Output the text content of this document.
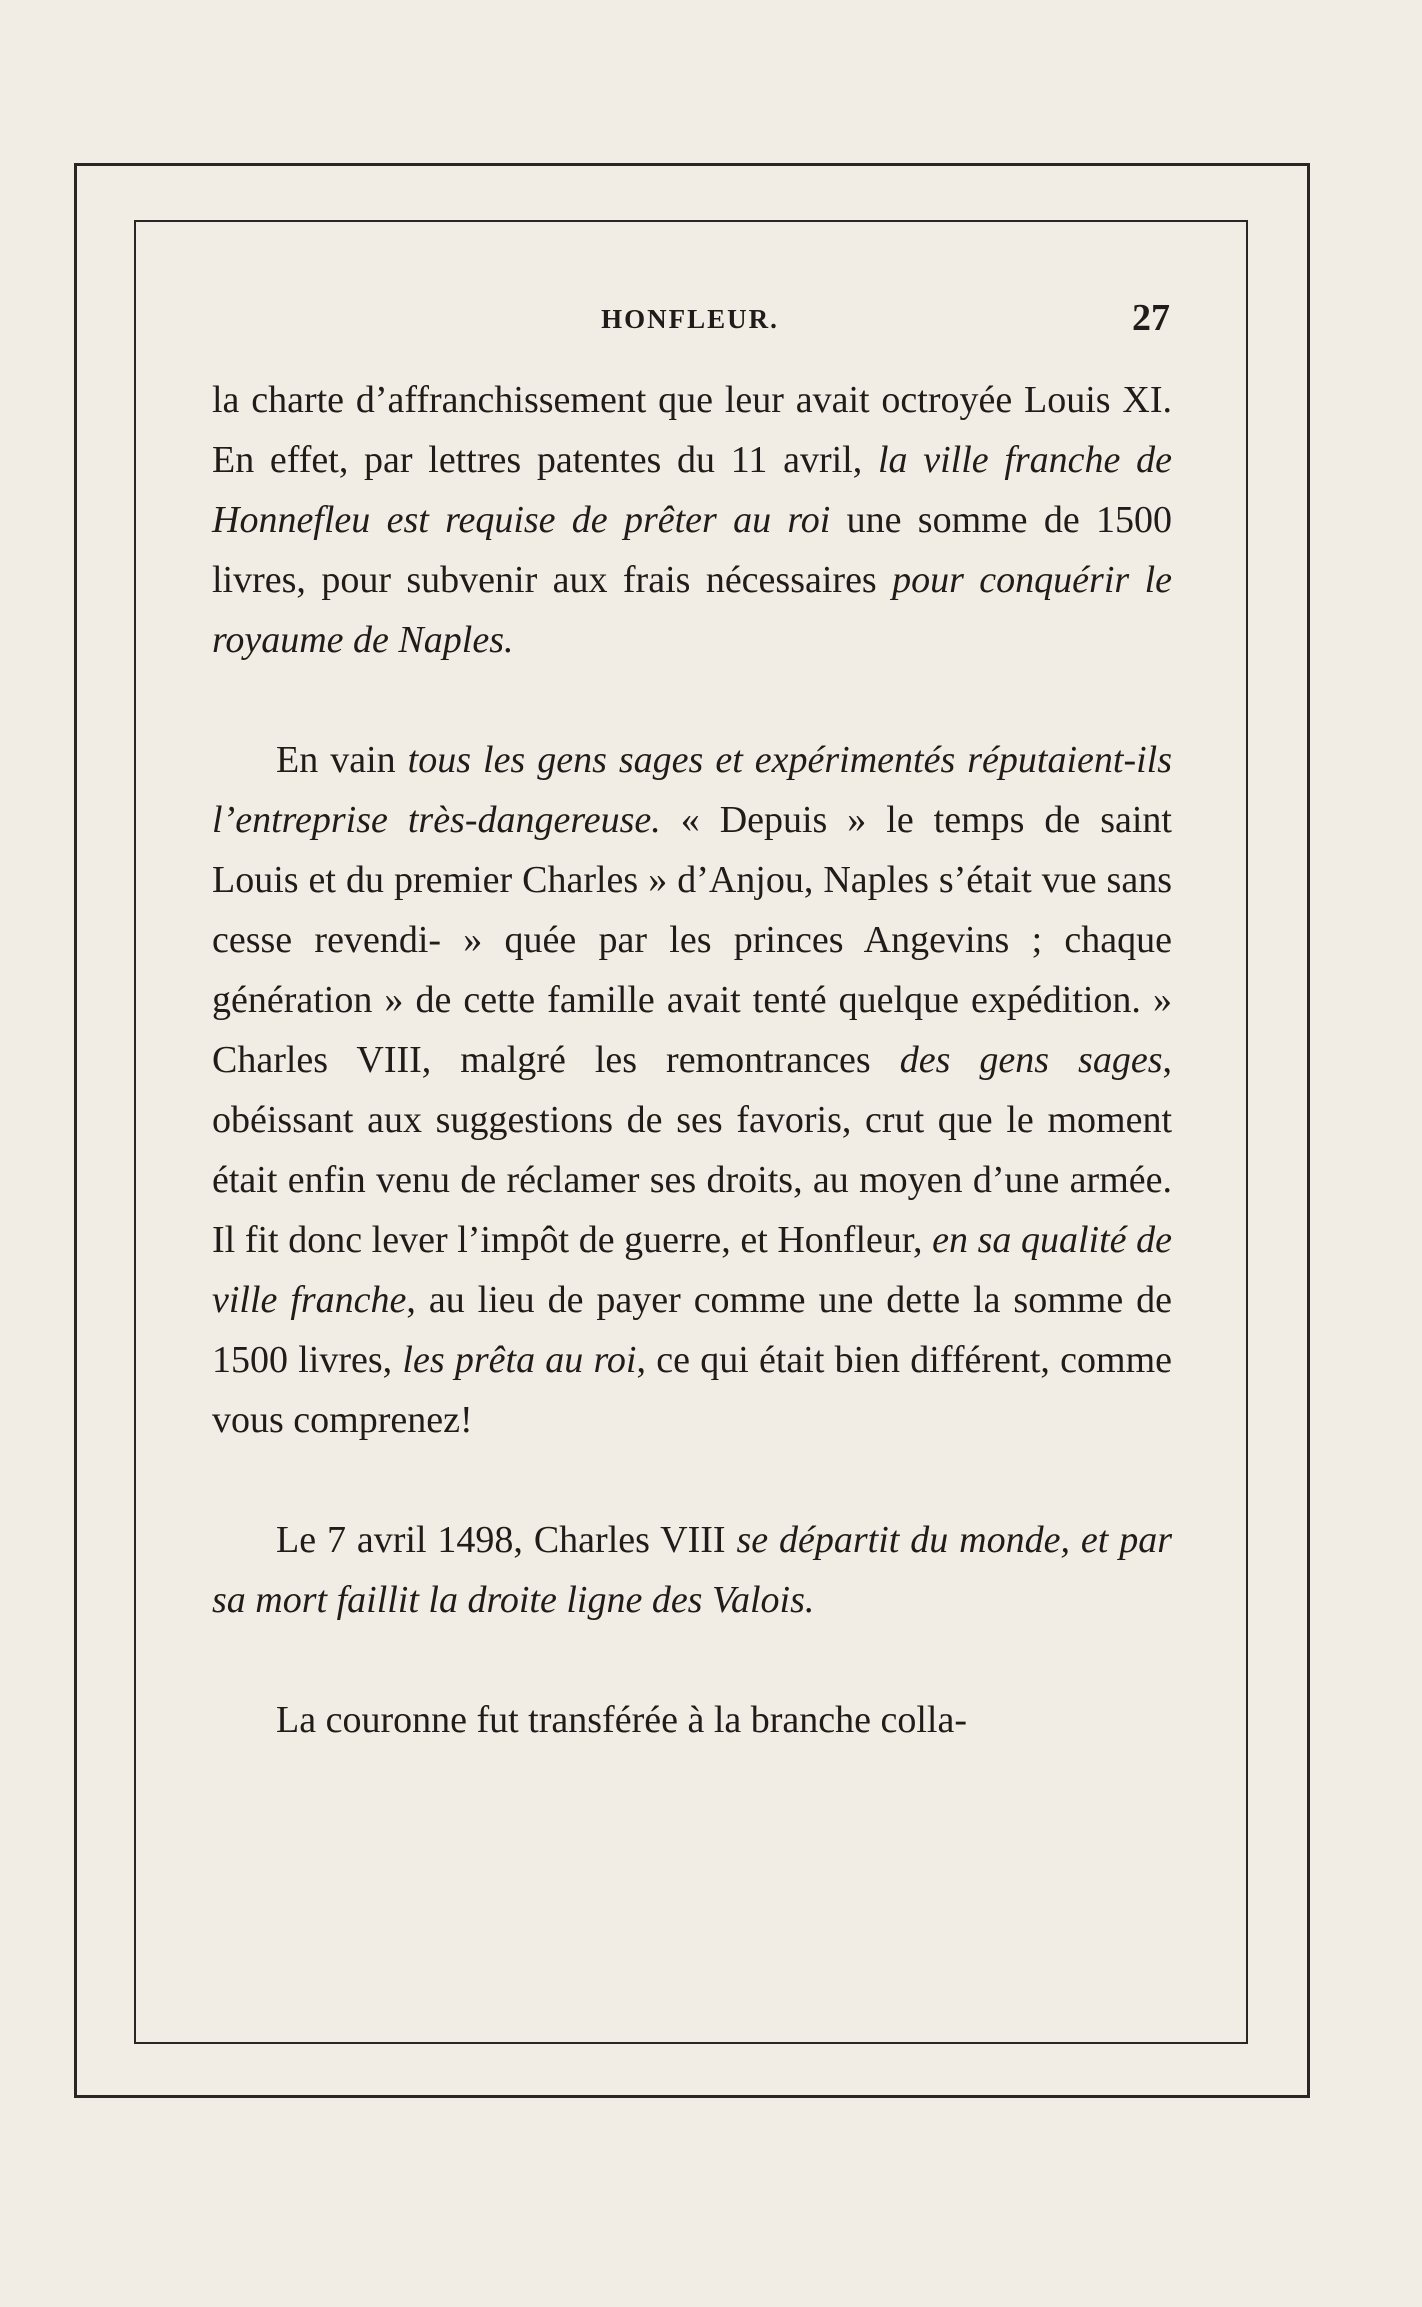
HONFLEUR.	27

la charte d’affranchissement que leur avait octroyée Louis XI. En effet, par lettres patentes du 11 avril, la ville franche de Honnefleu est requise de prêter au roi une somme de 1500 livres, pour subvenir aux frais nécessaires pour conquérir le royaume de Naples.

En vain tous les gens sages et expérimentés réputaient-ils l’entreprise très-dangereuse. « Depuis » le temps de saint Louis et du premier Charles » d’Anjou, Naples s’était vue sans cesse revendi- » quée par les princes Angevins ; chaque génération » de cette famille avait tenté quelque expédition. » Charles VIII, malgré les remontrances des gens sages, obéissant aux suggestions de ses favoris, crut que le moment était enfin venu de réclamer ses droits, au moyen d’une armée. Il fit donc lever l’impôt de guerre, et Honfleur, en sa qualité de ville franche, au lieu de payer comme une dette la somme de 1500 livres, les prêta au roi, ce qui était bien différent, comme vous comprenez!

Le 7 avril 1498, Charles VIII se départit du monde, et par sa mort faillit la droite ligne des Valois.

La couronne fut transférée à la branche colla-
